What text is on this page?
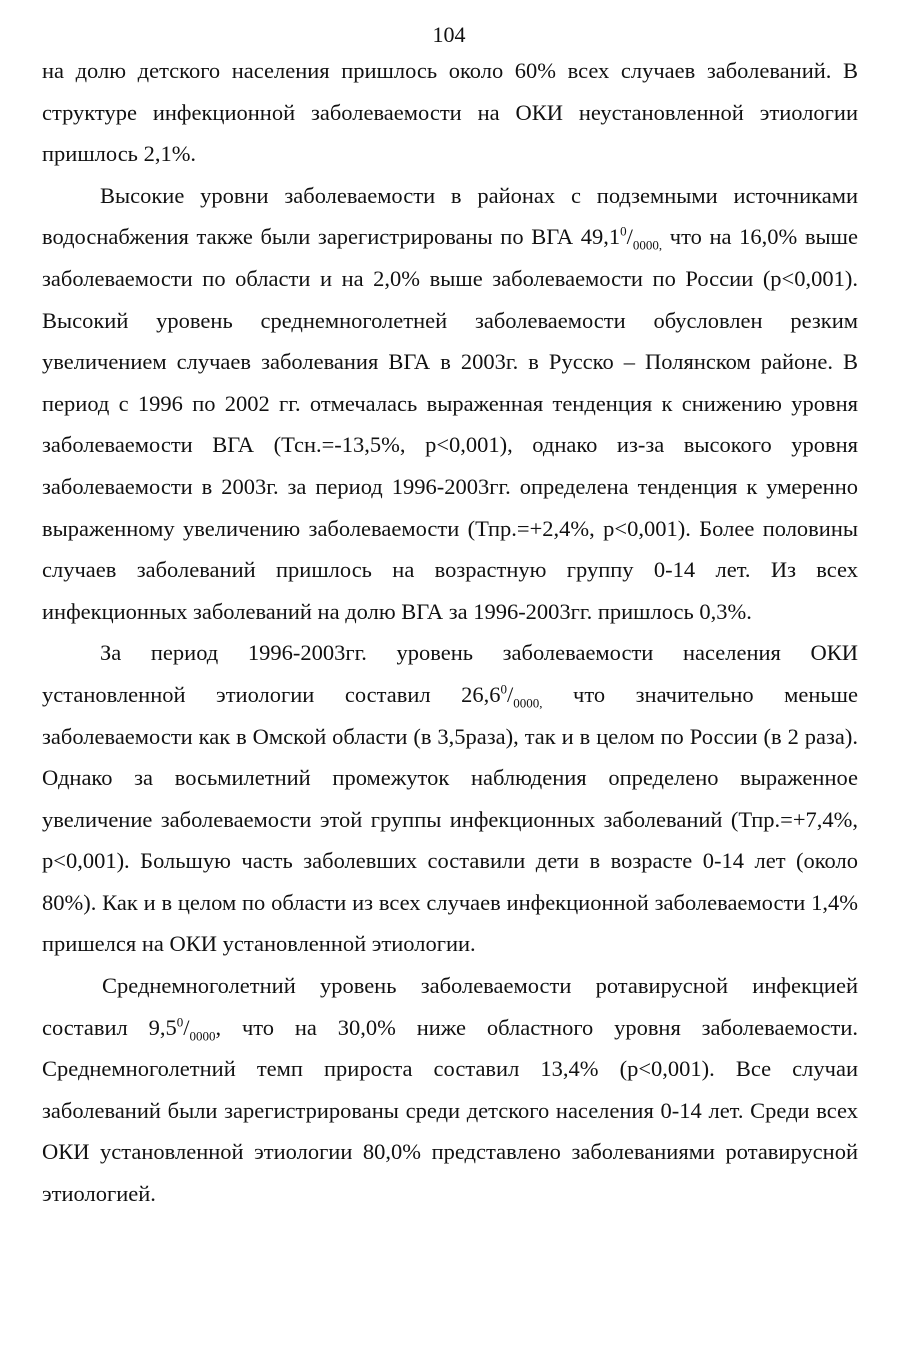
104

на долю детского населения пришлось около 60% всех случаев заболеваний. В структуре инфекционной заболеваемости на ОКИ неустановленной этиологии пришлось 2,1%.

Высокие уровни заболеваемости в районах с подземными источниками водоснабжения также были зарегистрированы по ВГА $49,1^0/_{0000,}$ что на 16,0% выше заболеваемости по области и на 2,0% выше заболеваемости по России (р<0,001). Высокий уровень среднемноголетней заболеваемости обусловлен резким увеличением случаев заболевания ВГА в 2003г. в Русско – Полянском районе. В период с 1996 по 2002 гг. отмечалась выраженная тенденция к снижению уровня заболеваемости ВГА (Тсн.=-13,5%, р<0,001), однако из-за высокого уровня заболеваемости в 2003г. за период 1996-2003гг. определена тенденция к умеренно выраженному увеличению заболеваемости (Тпр.=+2,4%, р<0,001). Более половины случаев заболеваний пришлось на возрастную группу 0-14 лет. Из всех инфекционных заболеваний на долю ВГА за 1996-2003гг. пришлось 0,3%.

За период 1996-2003гг. уровень заболеваемости населения ОКИ установленной этиологии составил $26,6^0/_{0000,}$ что значительно меньше заболеваемости как в Омской области (в 3,5раза), так и в целом по России (в 2 раза). Однако за восьмилетний промежуток наблюдения определено выраженное увеличение заболеваемости этой группы инфекционных заболеваний (Тпр.=+7,4%, р<0,001). Большую часть заболевших составили дети в возрасте 0-14 лет (около 80%). Как и в целом по области из всех случаев инфекционной заболеваемости 1,4% пришелся на ОКИ установленной этиологии.

Среднемноголетний уровень заболеваемости ротавирусной инфекцией составил $9,5^0/_{0000}$, что на 30,0% ниже областного уровня заболеваемости. Среднемноголетний темп прироста составил 13,4% (р<0,001). Все случаи заболеваний были зарегистрированы среди детского населения 0-14 лет. Среди всех ОКИ установленной этиологии 80,0% представлено заболеваниями ротавирусной этиологией.
